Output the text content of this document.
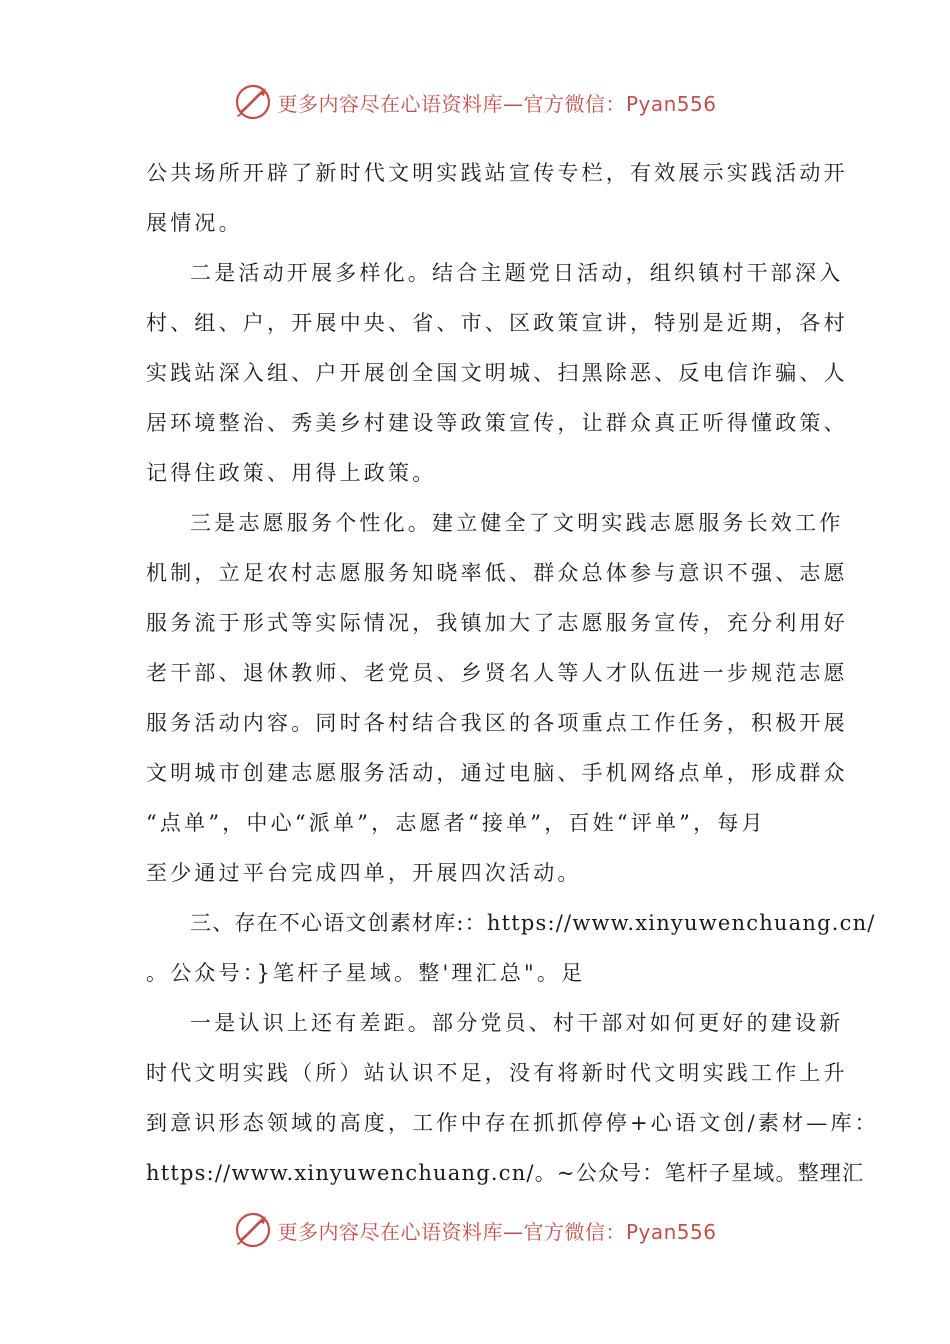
更多内容尽在心语资料库—官方微信：Pyan556
公共场所开辟了新时代文明实践站宣传专栏，有效展示实践活动开
展情况。
二是活动开展多样化。结合主题党日活动，组织镇村干部深入
村、组、户，开展中央、省、市、区政策宣讲，特别是近期，各村
实践站深入组、户开展创全国文明城、扫黑除恶、反电信诈骗、人
居环境整治、秀美乡村建设等政策宣传，让群众真正听得懂政策、
记得住政策、用得上政策。
三是志愿服务个性化。建立健全了文明实践志愿服务长效工作
机制，立足农村志愿服务知晓率低、群众总体参与意识不强、志愿
服务流于形式等实际情况，我镇加大了志愿服务宣传，充分利用好
老干部、退休教师、老党员、乡贤名人等人才队伍进一步规范志愿
服务活动内容。同时各村结合我区的各项重点工作任务，积极开展
文明城市创建志愿服务活动，通过电脑、手机网络点单，形成群众
“点单”，中心“派单”，志愿者“接单”，百姓“评单”，每月
至少通过平台完成四单，开展四次活动。
三、存在不心语文创素材库:：https://www.xinyuwenchuang.cn/
。公众号：}笔杆子星域。整'理汇总"。足
一是认识上还有差距。部分党员、村干部对如何更好的建设新
时代文明实践（所）站认识不足，没有将新时代文明实践工作上升
到意识形态领域的高度，工作中存在抓抓停停+心语文创/素材—库：
https://www.xinyuwenchuang.cn/。~公众号：笔杆子星域。整理汇
更多内容尽在心语资料库—官方微信：Pyan556
